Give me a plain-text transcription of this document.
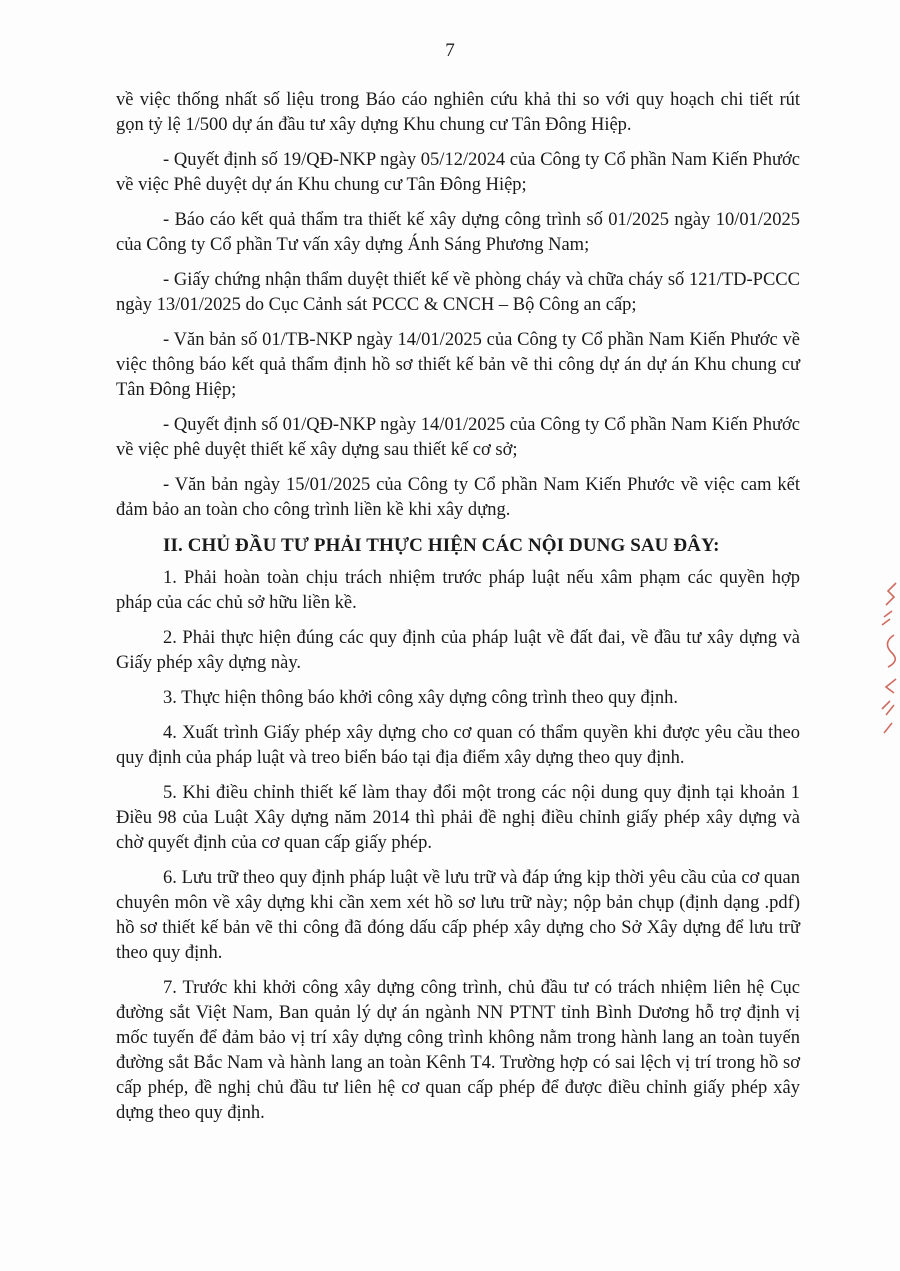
7

về việc thống nhất số liệu trong Báo cáo nghiên cứu khả thi so với quy hoạch chi tiết rút gọn tỷ lệ 1/500 dự án đầu tư xây dựng Khu chung cư Tân Đông Hiệp.

- Quyết định số 19/QĐ-NKP ngày 05/12/2024 của Công ty Cổ phần Nam Kiến Phước về việc Phê duyệt dự án Khu chung cư Tân Đông Hiệp;

- Báo cáo kết quả thẩm tra thiết kế xây dựng công trình số 01/2025 ngày 10/01/2025 của Công ty Cổ phần Tư vấn xây dựng Ánh Sáng Phương Nam;

- Giấy chứng nhận thẩm duyệt thiết kế về phòng cháy và chữa cháy số 121/TD-PCCC ngày 13/01/2025 do Cục Cảnh sát PCCC & CNCH – Bộ Công an cấp;

- Văn bản số 01/TB-NKP ngày 14/01/2025 của Công ty Cổ phần Nam Kiến Phước về việc thông báo kết quả thẩm định hồ sơ thiết kế bản vẽ thi công dự án dự án Khu chung cư Tân Đông Hiệp;

- Quyết định số 01/QĐ-NKP ngày 14/01/2025 của Công ty Cổ phần Nam Kiến Phước về việc phê duyệt thiết kế xây dựng sau thiết kế cơ sở;

- Văn bản ngày 15/01/2025 của Công ty Cổ phần Nam Kiến Phước về việc cam kết đảm bảo an toàn cho công trình liền kề khi xây dựng.

II. CHỦ ĐẦU TƯ PHẢI THỰC HIỆN CÁC NỘI DUNG SAU ĐÂY:

1. Phải hoàn toàn chịu trách nhiệm trước pháp luật nếu xâm phạm các quyền hợp pháp của các chủ sở hữu liền kề.

2. Phải thực hiện đúng các quy định của pháp luật về đất đai, về đầu tư xây dựng và Giấy phép xây dựng này.

3. Thực hiện thông báo khởi công xây dựng công trình theo quy định.

4. Xuất trình Giấy phép xây dựng cho cơ quan có thẩm quyền khi được yêu cầu theo quy định của pháp luật và treo biển báo tại địa điểm xây dựng theo quy định.

5. Khi điều chỉnh thiết kế làm thay đổi một trong các nội dung quy định tại khoản 1 Điều 98 của Luật Xây dựng năm 2014 thì phải đề nghị điều chỉnh giấy phép xây dựng và chờ quyết định của cơ quan cấp giấy phép.

6. Lưu trữ theo quy định pháp luật về lưu trữ và đáp ứng kịp thời yêu cầu của cơ quan chuyên môn về xây dựng khi cần xem xét hồ sơ lưu trữ này; nộp bản chụp (định dạng .pdf) hồ sơ thiết kế bản vẽ thi công đã đóng dấu cấp phép xây dựng cho Sở Xây dựng để lưu trữ theo quy định.

7. Trước khi khởi công xây dựng công trình, chủ đầu tư có trách nhiệm liên hệ Cục đường sắt Việt Nam, Ban quản lý dự án ngành NN PTNT tỉnh Bình Dương hỗ trợ định vị mốc tuyến để đảm bảo vị trí xây dựng công trình không nằm trong hành lang an toàn tuyến đường sắt Bắc Nam và hành lang an toàn Kênh T4. Trường hợp có sai lệch vị trí trong hồ sơ cấp phép, đề nghị chủ đầu tư liên hệ cơ quan cấp phép để được điều chỉnh giấy phép xây dựng theo quy định.
